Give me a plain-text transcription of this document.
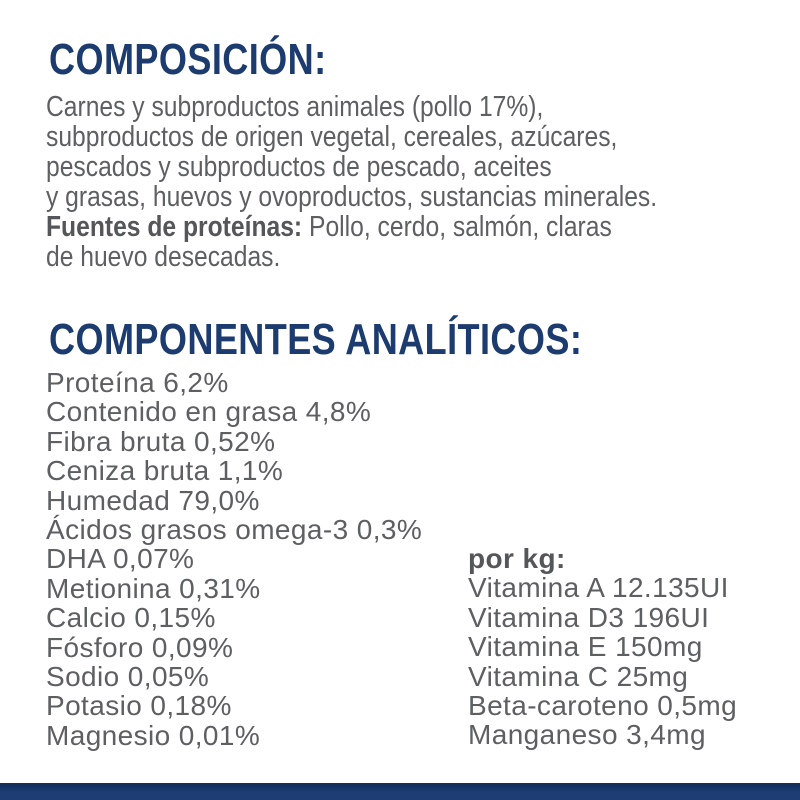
COMPOSICIÓN:
Carnes y subproductos animales (pollo 17%),
subproductos de origen vegetal, cereales, azúcares,
pescados y subproductos de pescado, aceites
y grasas, huevos y ovoproductos, sustancias minerales.
Fuentes de proteínas: Pollo, cerdo, salmón, claras
de huevo desecadas.
COMPONENTES ANALÍTICOS:
Proteína 6,2%
Contenido en grasa 4,8%
Fibra bruta 0,52%
Ceniza bruta 1,1%
Humedad 79,0%
Ácidos grasos omega-3 0,3%
DHA 0,07%
Metionina 0,31%
Calcio 0,15%
Fósforo 0,09%
Sodio 0,05%
Potasio 0,18%
Magnesio 0,01%
por kg:
Vitamina A 12.135UI
Vitamina D3 196UI
Vitamina E 150mg
Vitamina C 25mg
Beta-caroteno 0,5mg
Manganeso 3,4mg
